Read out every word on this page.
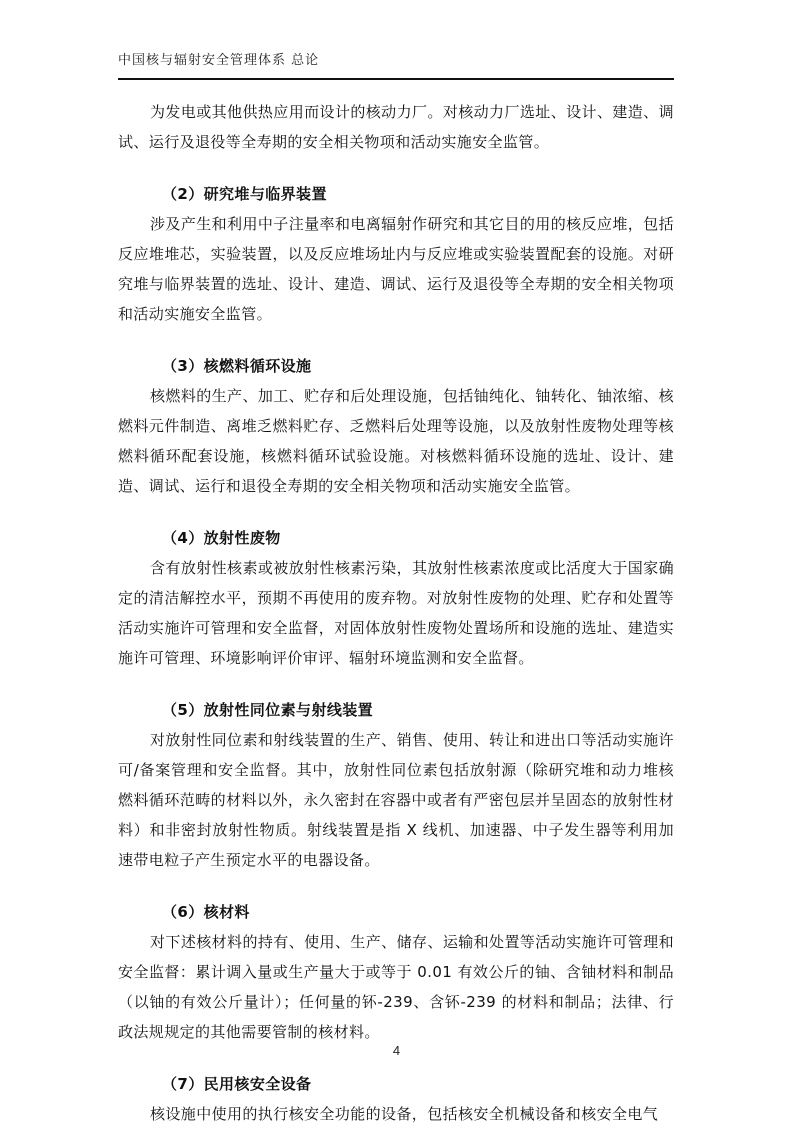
中国核与辐射安全管理体系 总论

为发电或其他供热应用而设计的核动力厂。对核动力厂选址、设计、建造、调试、运行及退役等全寿期的安全相关物项和活动实施安全监管。

（2）研究堆与临界装置

涉及产生和利用中子注量率和电离辐射作研究和其它目的用的核反应堆，包括反应堆堆芯，实验装置，以及反应堆场址内与反应堆或实验装置配套的设施。对研究堆与临界装置的选址、设计、建造、调试、运行及退役等全寿期的安全相关物项和活动实施安全监管。

（3）核燃料循环设施

核燃料的生产、加工、贮存和后处理设施，包括铀纯化、铀转化、铀浓缩、核燃料元件制造、离堆乏燃料贮存、乏燃料后处理等设施，以及放射性废物处理等核燃料循环配套设施，核燃料循环试验设施。对核燃料循环设施的选址、设计、建造、调试、运行和退役全寿期的安全相关物项和活动实施安全监管。

（4）放射性废物

含有放射性核素或被放射性核素污染，其放射性核素浓度或比活度大于国家确定的清洁解控水平，预期不再使用的废弃物。对放射性废物的处理、贮存和处置等活动实施许可管理和安全监督，对固体放射性废物处置场所和设施的选址、建造实施许可管理、环境影响评价审评、辐射环境监测和安全监督。

（5）放射性同位素与射线装置

对放射性同位素和射线装置的生产、销售、使用、转让和进出口等活动实施许可/备案管理和安全监督。其中，放射性同位素包括放射源（除研究堆和动力堆核燃料循环范畴的材料以外，永久密封在容器中或者有严密包层并呈固态的放射性材料）和非密封放射性物质。射线装置是指 X 线机、加速器、中子发生器等利用加速带电粒子产生预定水平的电器设备。

（6）核材料

对下述核材料的持有、使用、生产、储存、运输和处置等活动实施许可管理和安全监督：累计调入量或生产量大于或等于 0.01 有效公斤的铀、含铀材料和制品（以铀的有效公斤量计）；任何量的钚-239、含钚-239 的材料和制品；法律、行政法规规定的其他需要管制的核材料。

（7）民用核安全设备

核设施中使用的执行核安全功能的设备，包括核安全机械设备和核安全电气

4
